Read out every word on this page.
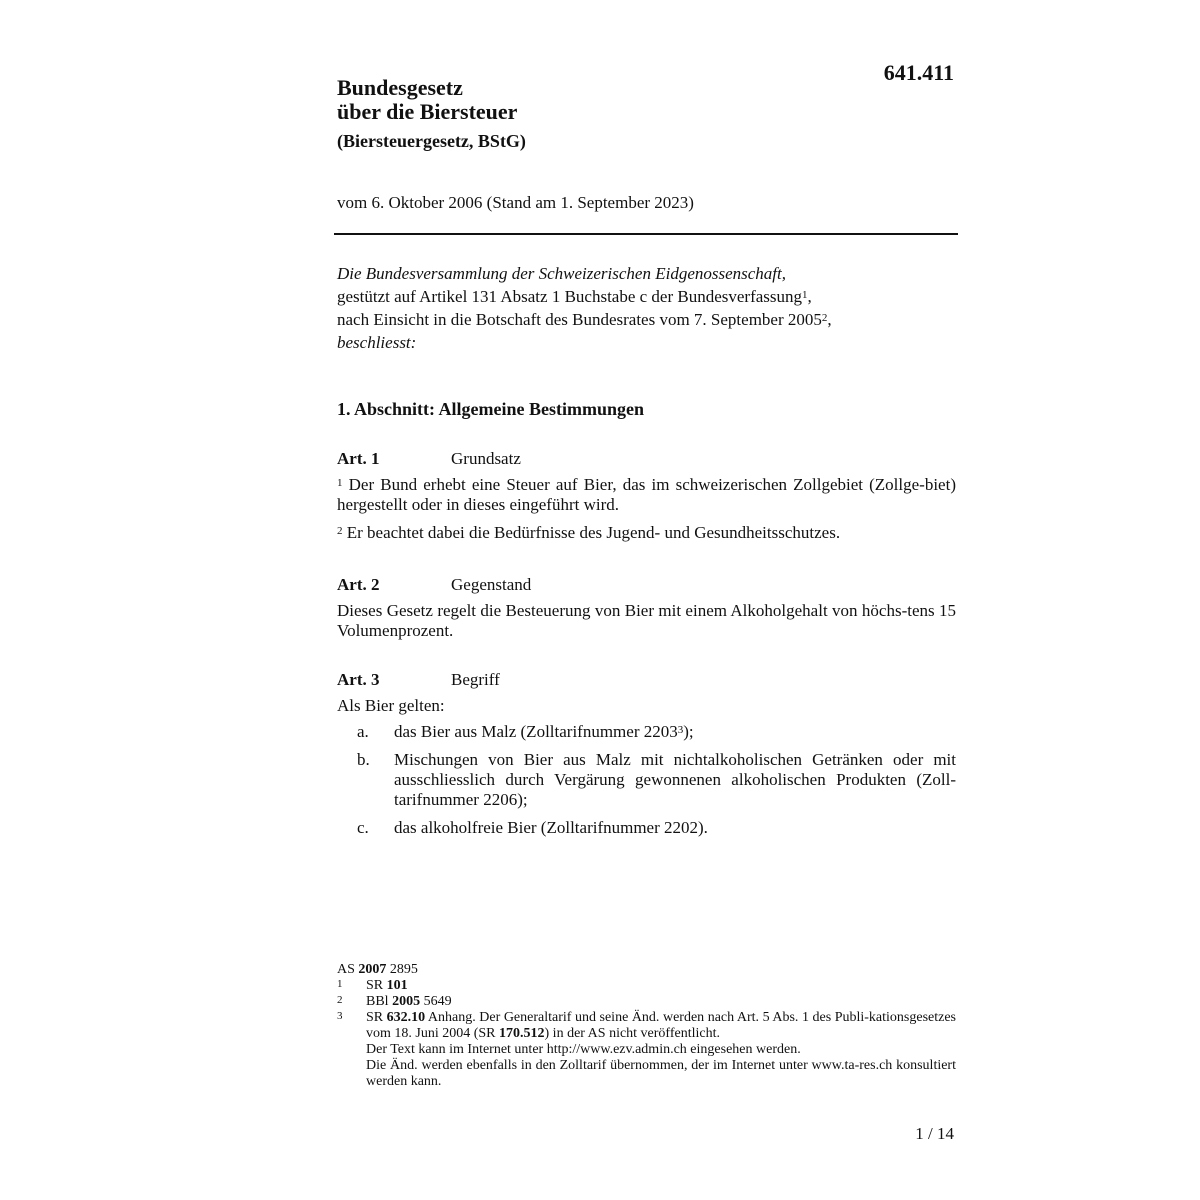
641.411
Bundesgesetz
über die Biersteuer
(Biersteuergesetz, BStG)
vom 6. Oktober 2006 (Stand am 1. September 2023)
Die Bundesversammlung der Schweizerischen Eidgenossenschaft,
gestützt auf Artikel 131 Absatz 1 Buchstabe c der Bundesverfassung$^1$,
nach Einsicht in die Botschaft des Bundesrates vom 7. September 2005$^2$,
beschliesst:
1. Abschnitt: Allgemeine Bestimmungen
Art. 1	Grundsatz
$^1$ Der Bund erhebt eine Steuer auf Bier, das im schweizerischen Zollgebiet (Zollge-biet) hergestellt oder in dieses eingeführt wird.
$^2$ Er beachtet dabei die Bedürfnisse des Jugend- und Gesundheitsschutzes.
Art. 2	Gegenstand
Dieses Gesetz regelt die Besteuerung von Bier mit einem Alkoholgehalt von höchs-tens 15 Volumenprozent.
Art. 3	Begriff
Als Bier gelten:
a.	das Bier aus Malz (Zolltarifnummer 2203$^3$);
b.	Mischungen von Bier aus Malz mit nichtalkoholischen Getränken oder mit ausschliesslich durch Vergärung gewonnenen alkoholischen Produkten (Zoll-tarifnummer 2206);
c.	das alkoholfreie Bier (Zolltarifnummer 2202).
AS 2007 2895
1	SR 101
2	BBl 2005 5649
3	SR 632.10 Anhang. Der Generaltarif und seine Änd. werden nach Art. 5 Abs. 1 des Publi-kationsgesetzes vom 18. Juni 2004 (SR 170.512) in der AS nicht veröffentlicht.
Der Text kann im Internet unter http://www.ezv.admin.ch eingesehen werden.
Die Änd. werden ebenfalls in den Zolltarif übernommen, der im Internet unter www.ta-res.ch konsultiert werden kann.
1 / 14
